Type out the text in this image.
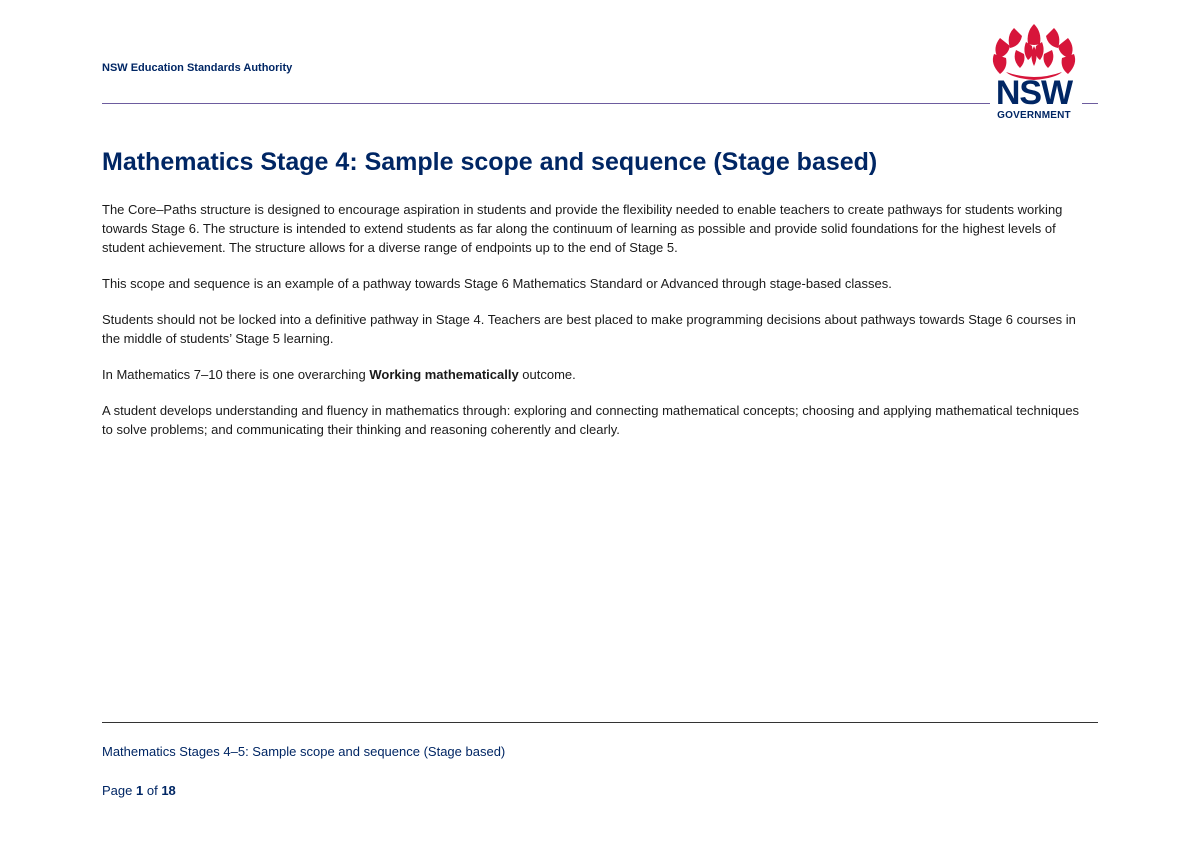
NSW Education Standards Authority
NSW
GOVERNMENT
Mathematics Stage 4: Sample scope and sequence (Stage based)

The Core–Paths structure is designed to encourage aspiration in students and provide the flexibility needed to enable teachers to create pathways for students working towards Stage 6. The structure is intended to extend students as far along the continuum of learning as possible and provide solid foundations for the highest levels of student achievement. The structure allows for a diverse range of endpoints up to the end of Stage 5.

This scope and sequence is an example of a pathway towards Stage 6 Mathematics Standard or Advanced through stage-based classes.

Students should not be locked into a definitive pathway in Stage 4. Teachers are best placed to make programming decisions about pathways towards Stage 6 courses in the middle of students’ Stage 5 learning.

In Mathematics 7–10 there is one overarching Working mathematically outcome.

A student develops understanding and fluency in mathematics through: exploring and connecting mathematical concepts; choosing and applying mathematical techniques to solve problems; and communicating their thinking and reasoning coherently and clearly.

Mathematics Stages 4–5: Sample scope and sequence (Stage based)
Page 1 of 18
